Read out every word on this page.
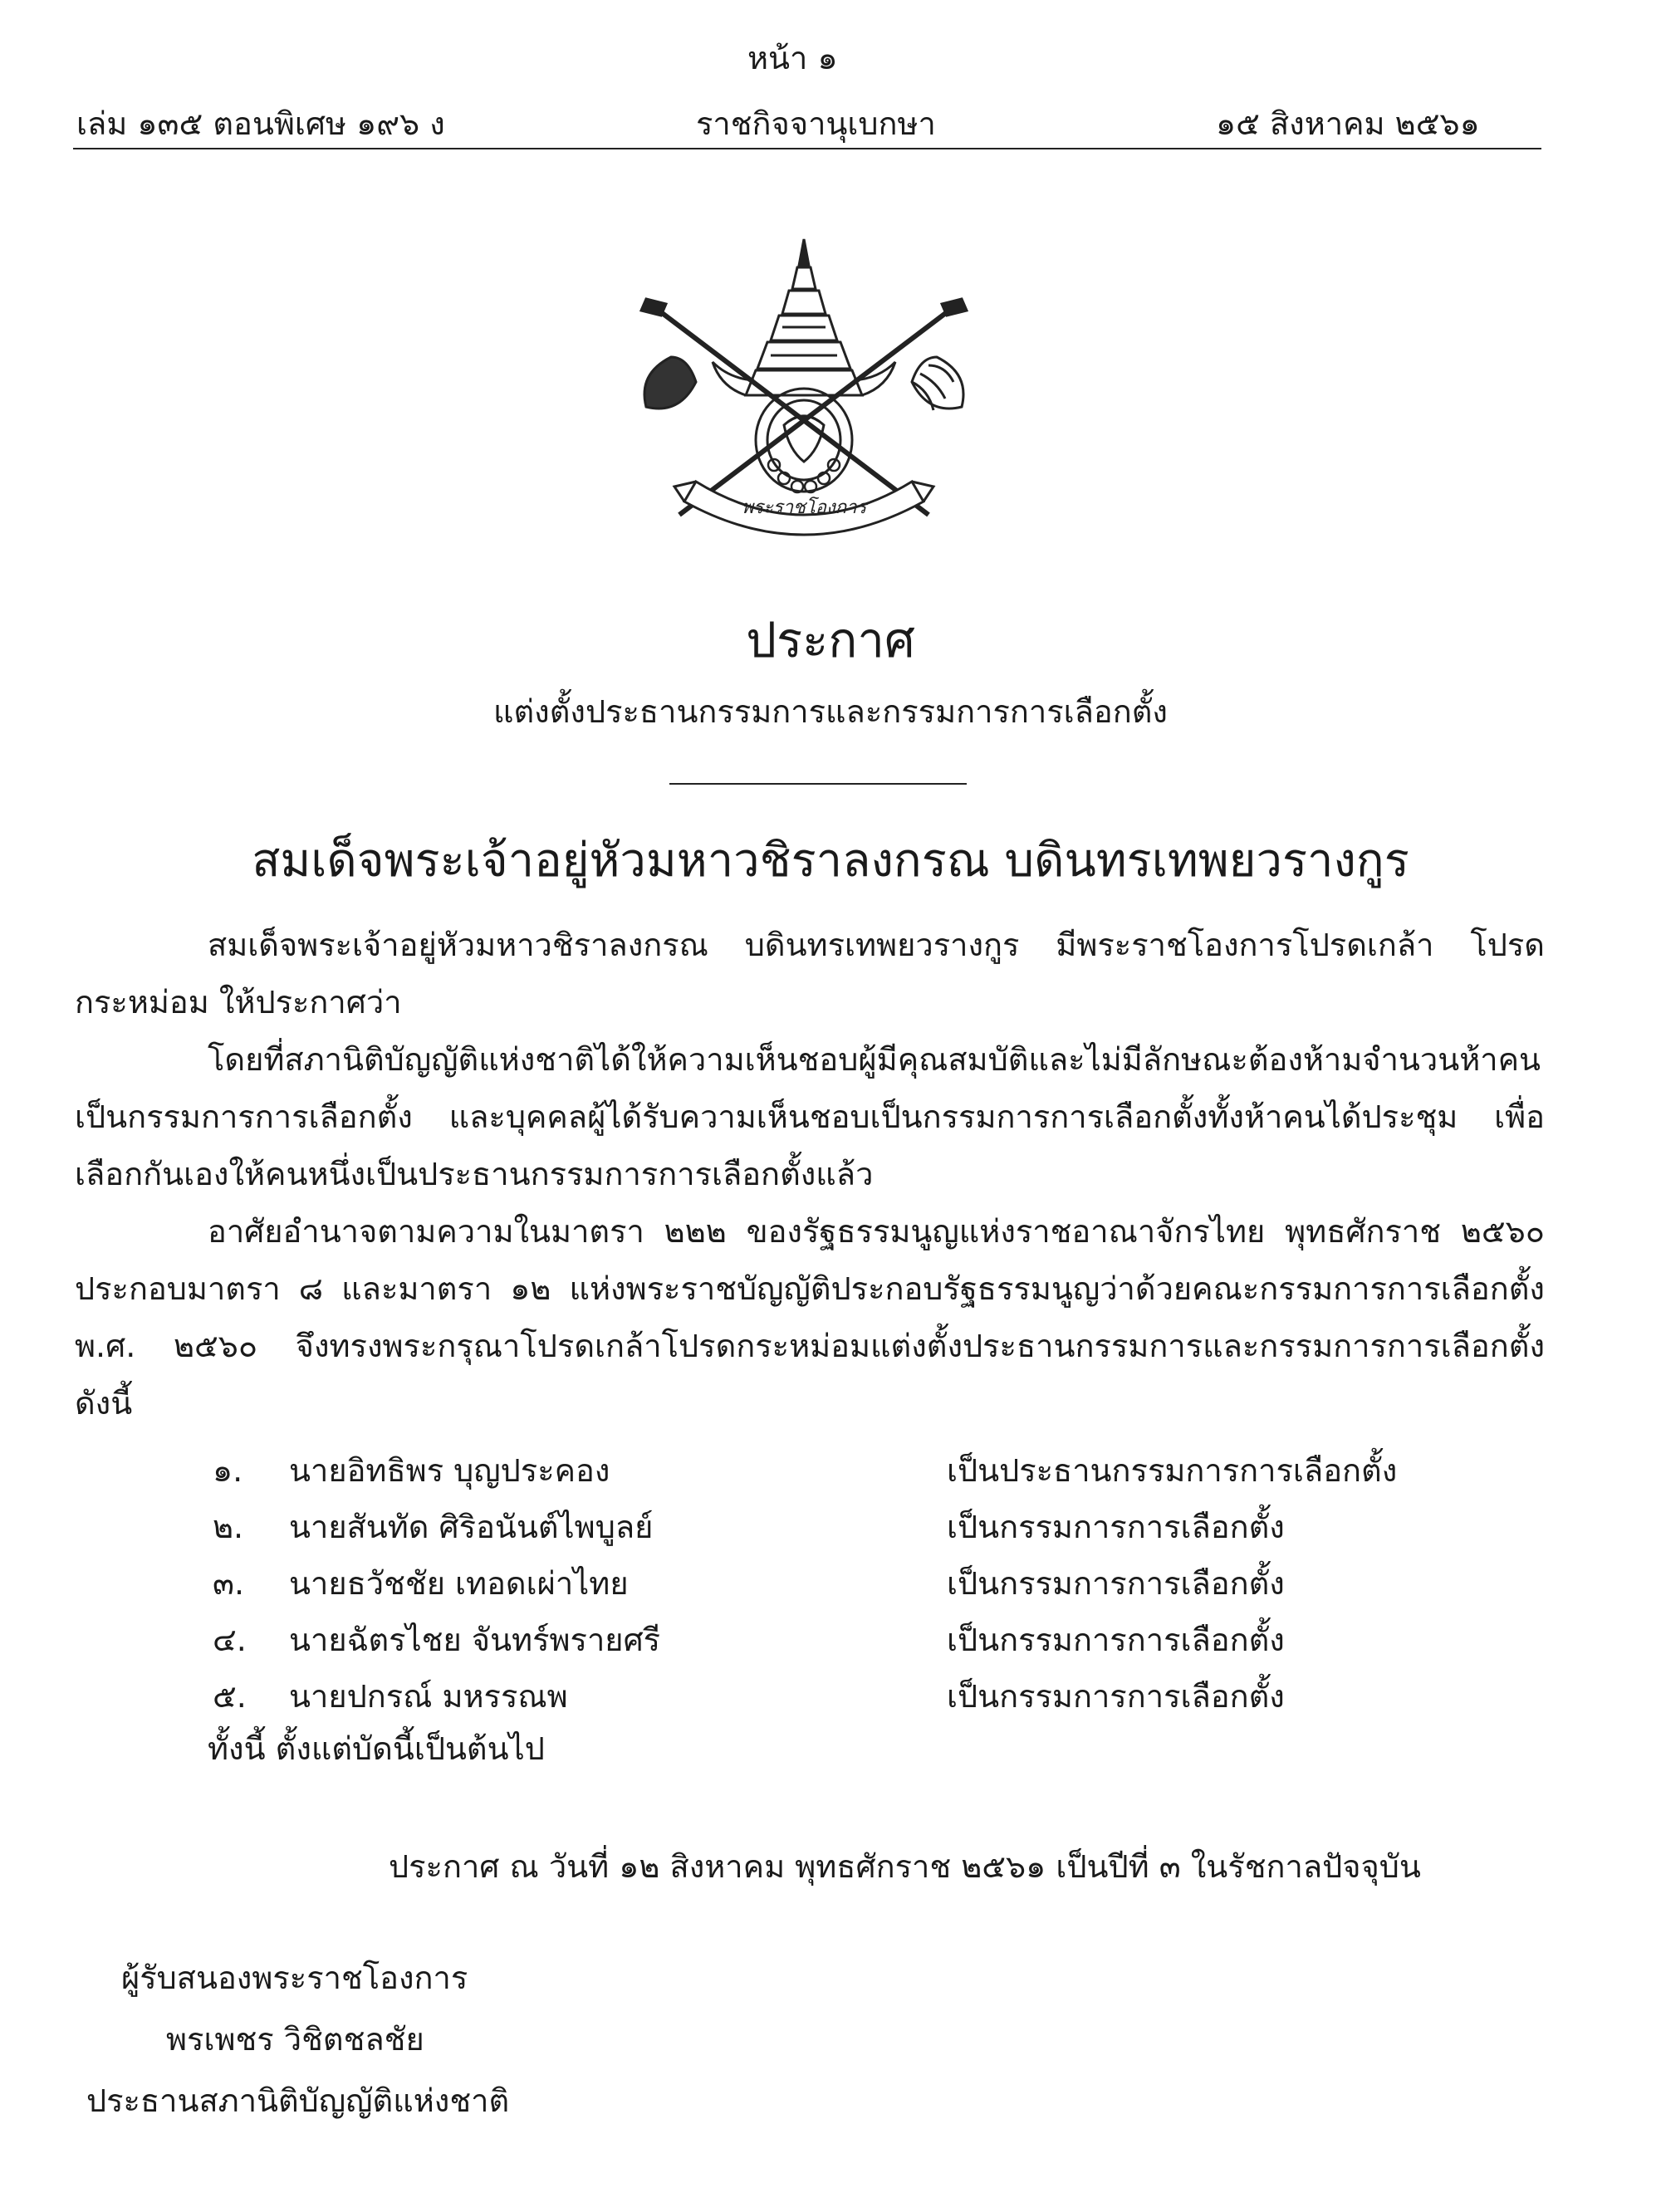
หน้า ๑
เล่ม ๑๓๕ ตอนพิเศษ ๑๙๖ ง	ราชกิจจานุเบกษา	๑๕ สิงหาคม ๒๕๖๑
พระราชโองการ
ประกาศ
แต่งตั้งประธานกรรมการและกรรมการการเลือกตั้ง
สมเด็จพระเจ้าอยู่หัวมหาวชิราลงกรณ บดินทรเทพยวรางกูร

สมเด็จพระเจ้าอยู่หัวมหาวชิราลงกรณ บดินทรเทพยวรางกูร มีพระราชโองการโปรดเกล้า โปรดกระหม่อม ให้ประกาศว่า

โดยที่สภานิติบัญญัติแห่งชาติได้ให้ความเห็นชอบผู้มีคุณสมบัติและไม่มีลักษณะต้องห้ามจำนวนห้าคน เป็นกรรมการการเลือกตั้ง และบุคคลผู้ได้รับความเห็นชอบเป็นกรรมการการเลือกตั้งทั้งห้าคนได้ประชุม เพื่อเลือกกันเองให้คนหนึ่งเป็นประธานกรรมการการเลือกตั้งแล้ว

อาศัยอำนาจตามความในมาตรา ๒๒๒ ของรัฐธรรมนูญแห่งราชอาณาจักรไทย พุทธศักราช ๒๕๖๐ ประกอบมาตรา ๘ และมาตรา ๑๒ แห่งพระราชบัญญัติประกอบรัฐธรรมนูญว่าด้วยคณะกรรมการการเลือกตั้ง พ.ศ. ๒๕๖๐ จึงทรงพระกรุณาโปรดเกล้าโปรดกระหม่อมแต่งตั้งประธานกรรมการและกรรมการการเลือกตั้ง ดังนี้

๑. นายอิทธิพร บุญประคอง	เป็นประธานกรรมการการเลือกตั้ง
๒. นายสันทัด ศิริอนันต์ไพบูลย์	เป็นกรรมการการเลือกตั้ง
๓. นายธวัชชัย เทอดเผ่าไทย	เป็นกรรมการการเลือกตั้ง
๔. นายฉัตรไชย จันทร์พรายศรี	เป็นกรรมการการเลือกตั้ง
๕. นายปกรณ์ มหรรณพ	เป็นกรรมการการเลือกตั้ง
ทั้งนี้ ตั้งแต่บัดนี้เป็นต้นไป
ประกาศ ณ วันที่ ๑๒ สิงหาคม พุทธศักราช ๒๕๖๑ เป็นปีที่ ๓ ในรัชกาลปัจจุบัน
ผู้รับสนองพระราชโองการ
พรเพชร วิชิตชลชัย
ประธานสภานิติบัญญัติแห่งชาติ
